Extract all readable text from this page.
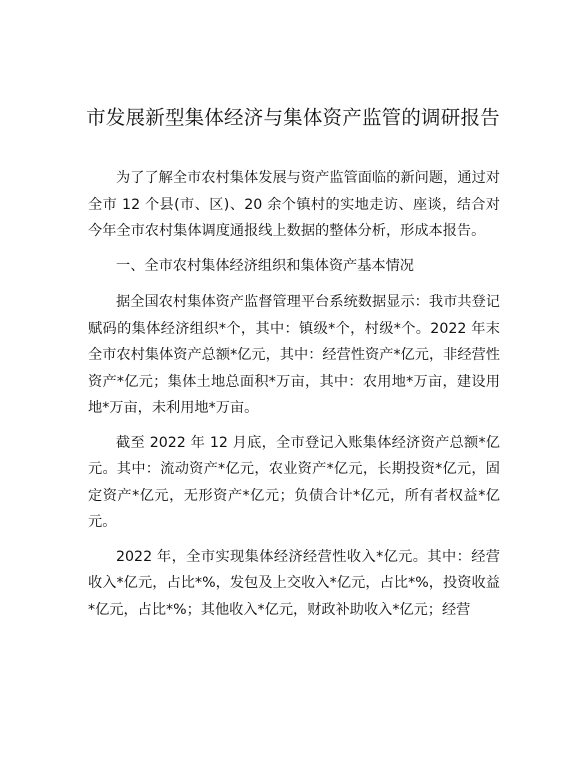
市发展新型集体经济与集体资产监管的调研报告

为了了解全市农村集体发展与资产监管面临的新问题，通过对全市 12 个县(市、区)、20 余个镇村的实地走访、座谈，结合对今年全市农村集体调度通报线上数据的整体分析，形成本报告。

一、全市农村集体经济组织和集体资产基本情况

据全国农村集体资产监督管理平台系统数据显示：我市共登记赋码的集体经济组织*个，其中：镇级*个，村级*个。2022 年末全市农村集体资产总额*亿元，其中：经营性资产*亿元，非经营性资产*亿元；集体土地总面积*万亩，其中：农用地*万亩，建设用地*万亩，未利用地*万亩。

截至 2022 年 12 月底，全市登记入账集体经济资产总额*亿元。其中：流动资产*亿元，农业资产*亿元，长期投资*亿元，固定资产*亿元，无形资产*亿元；负债合计*亿元，所有者权益*亿元。

2022 年，全市实现集体经济经营性收入*亿元。其中：经营收入*亿元，占比*%，发包及上交收入*亿元，占比*%，投资收益*亿元，占比*%；其他收入*亿元，财政补助收入*亿元；经营
